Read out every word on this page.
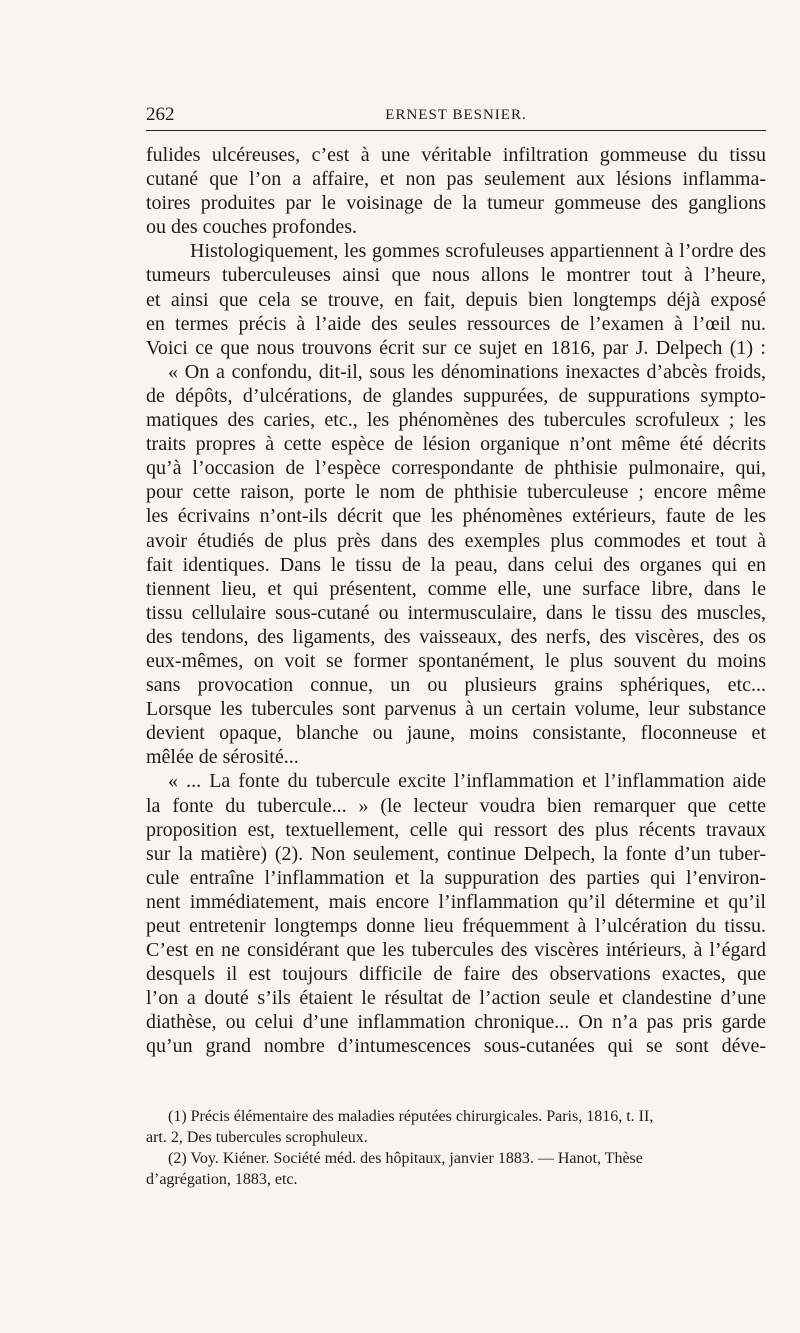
262	ERNEST BESNIER.
fulides ulcéreuses, c’est à une véritable infiltration gommeuse du tissu
cutané que l’on a affaire, et non pas seulement aux lésions inflamma-
toires produites par le voisinage de la tumeur gommeuse des ganglions
ou des couches profondes.
Histologiquement, les gommes scrofuleuses appartiennent à l’ordre des
tumeurs tuberculeuses ainsi que nous allons le montrer tout à l’heure,
et ainsi que cela se trouve, en fait, depuis bien longtemps déjà exposé
en termes précis à l’aide des seules ressources de l’examen à l’œil nu.
Voici ce que nous trouvons écrit sur ce sujet en 1816, par J. Delpech (1) :
« On a confondu, dit-il, sous les dénominations inexactes d’abcès froids,
de dépôts, d’ulcérations, de glandes suppurées, de suppurations sympto-
matiques des caries, etc., les phénomènes des tubercules scrofuleux ; les
traits propres à cette espèce de lésion organique n’ont même été décrits
qu’à l’occasion de l’espèce correspondante de phthisie pulmonaire, qui,
pour cette raison, porte le nom de phthisie tuberculeuse ; encore même
les écrivains n’ont-ils décrit que les phénomènes extérieurs, faute de les
avoir étudiés de plus près dans des exemples plus commodes et tout à
fait identiques. Dans le tissu de la peau, dans celui des organes qui en
tiennent lieu, et qui présentent, comme elle, une surface libre, dans le
tissu cellulaire sous-cutané ou intermusculaire, dans le tissu des muscles,
des tendons, des ligaments, des vaisseaux, des nerfs, des viscères, des os
eux-mêmes, on voit se former spontanément, le plus souvent du moins
sans provocation connue, un ou plusieurs grains sphériques, etc...
Lorsque les tubercules sont parvenus à un certain volume, leur substance
devient opaque, blanche ou jaune, moins consistante, floconneuse et
mêlée de sérosité...
« ... La fonte du tubercule excite l’inflammation et l’inflammation aide
la fonte du tubercule... » (le lecteur voudra bien remarquer que cette
proposition est, textuellement, celle qui ressort des plus récents travaux
sur la matière) (2). Non seulement, continue Delpech, la fonte d’un tuber-
cule entraîne l’inflammation et la suppuration des parties qui l’environ-
nent immédiatement, mais encore l’inflammation qu’il détermine et qu’il
peut entretenir longtemps donne lieu fréquemment à l’ulcération du tissu.
C’est en ne considérant que les tubercules des viscères intérieurs, à l’égard
desquels il est toujours difficile de faire des observations exactes, que
l’on a douté s’ils étaient le résultat de l’action seule et clandestine d’une
diathèse, ou celui d’une inflammation chronique... On n’a pas pris garde
qu’un grand nombre d’intumescences sous-cutanées qui se sont déve-
(1) Précis élémentaire des maladies réputées chirurgicales. Paris, 1816, t. II,
art. 2, Des tubercules scrophuleux.
(2) Voy. Kiéner. Société méd. des hôpitaux, janvier 1883. — Hanot, Thèse
d’agrégation, 1883, etc.
